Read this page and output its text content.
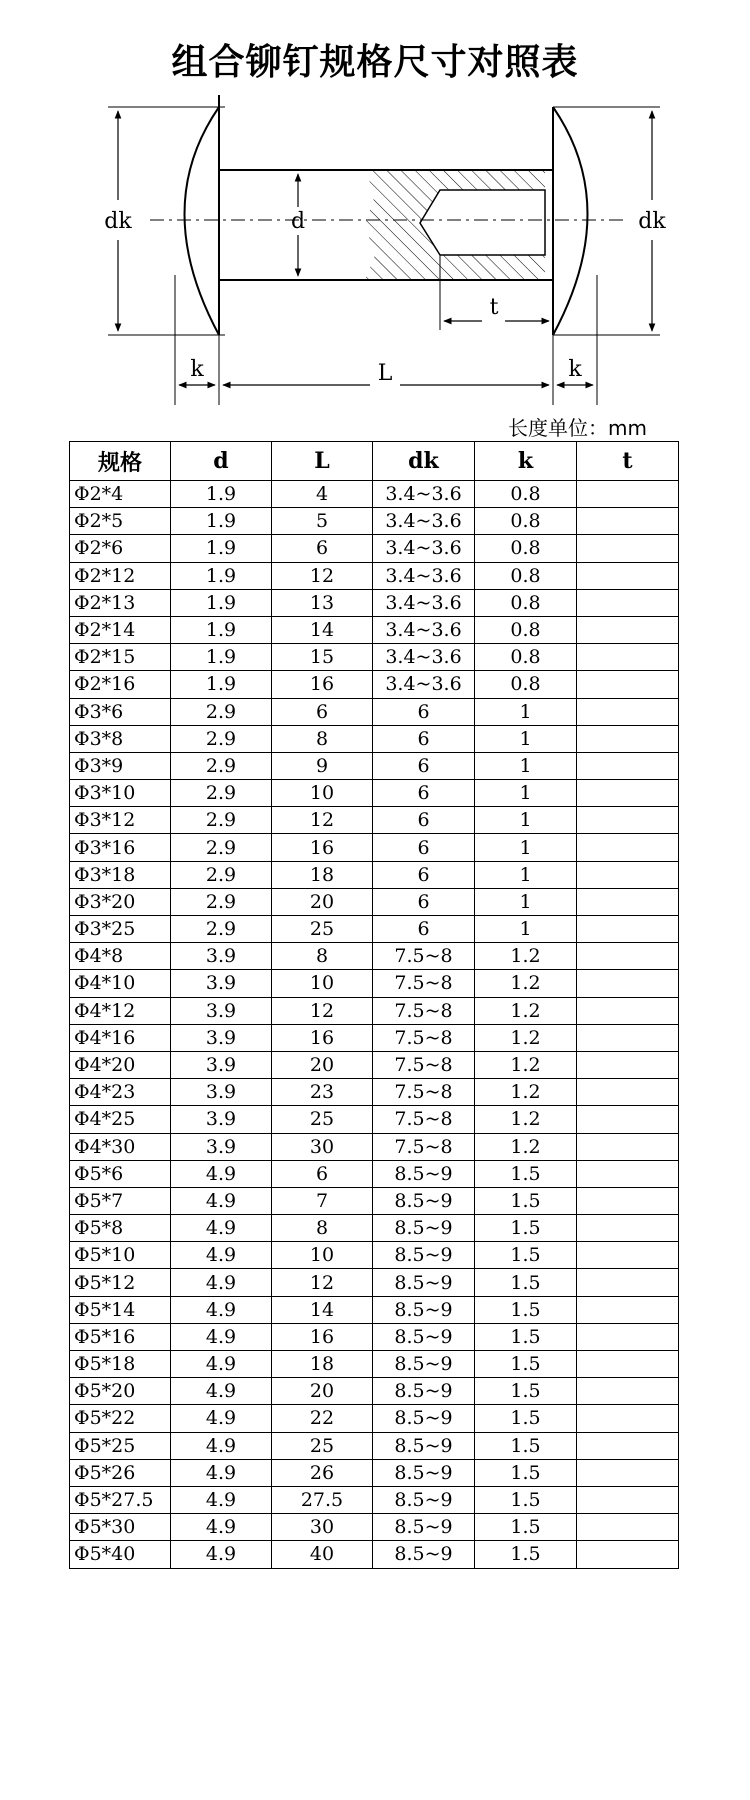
组合铆钉规格尺寸对照表
dk	d	dk
t
k	L	k
长度单位：mm
规格	d	L	dk	k	t
Φ2*4	1.9	4	3.4~3.6	0.8	
Φ2*5	1.9	5	3.4~3.6	0.8	
Φ2*6	1.9	6	3.4~3.6	0.8	
Φ2*12	1.9	12	3.4~3.6	0.8	
Φ2*13	1.9	13	3.4~3.6	0.8	
Φ2*14	1.9	14	3.4~3.6	0.8	
Φ2*15	1.9	15	3.4~3.6	0.8	
Φ2*16	1.9	16	3.4~3.6	0.8	
Φ3*6	2.9	6	6	1	
Φ3*8	2.9	8	6	1	
Φ3*9	2.9	9	6	1	
Φ3*10	2.9	10	6	1	
Φ3*12	2.9	12	6	1	
Φ3*16	2.9	16	6	1	
Φ3*18	2.9	18	6	1	
Φ3*20	2.9	20	6	1	
Φ3*25	2.9	25	6	1	
Φ4*8	3.9	8	7.5~8	1.2	
Φ4*10	3.9	10	7.5~8	1.2	
Φ4*12	3.9	12	7.5~8	1.2	
Φ4*16	3.9	16	7.5~8	1.2	
Φ4*20	3.9	20	7.5~8	1.2	
Φ4*23	3.9	23	7.5~8	1.2	
Φ4*25	3.9	25	7.5~8	1.2	
Φ4*30	3.9	30	7.5~8	1.2	
Φ5*6	4.9	6	8.5~9	1.5	
Φ5*7	4.9	7	8.5~9	1.5	
Φ5*8	4.9	8	8.5~9	1.5	
Φ5*10	4.9	10	8.5~9	1.5	
Φ5*12	4.9	12	8.5~9	1.5	
Φ5*14	4.9	14	8.5~9	1.5	
Φ5*16	4.9	16	8.5~9	1.5	
Φ5*18	4.9	18	8.5~9	1.5	
Φ5*20	4.9	20	8.5~9	1.5	
Φ5*22	4.9	22	8.5~9	1.5	
Φ5*25	4.9	25	8.5~9	1.5	
Φ5*26	4.9	26	8.5~9	1.5	
Φ5*27.5	4.9	27.5	8.5~9	1.5	
Φ5*30	4.9	30	8.5~9	1.5	
Φ5*40	4.9	40	8.5~9	1.5	
